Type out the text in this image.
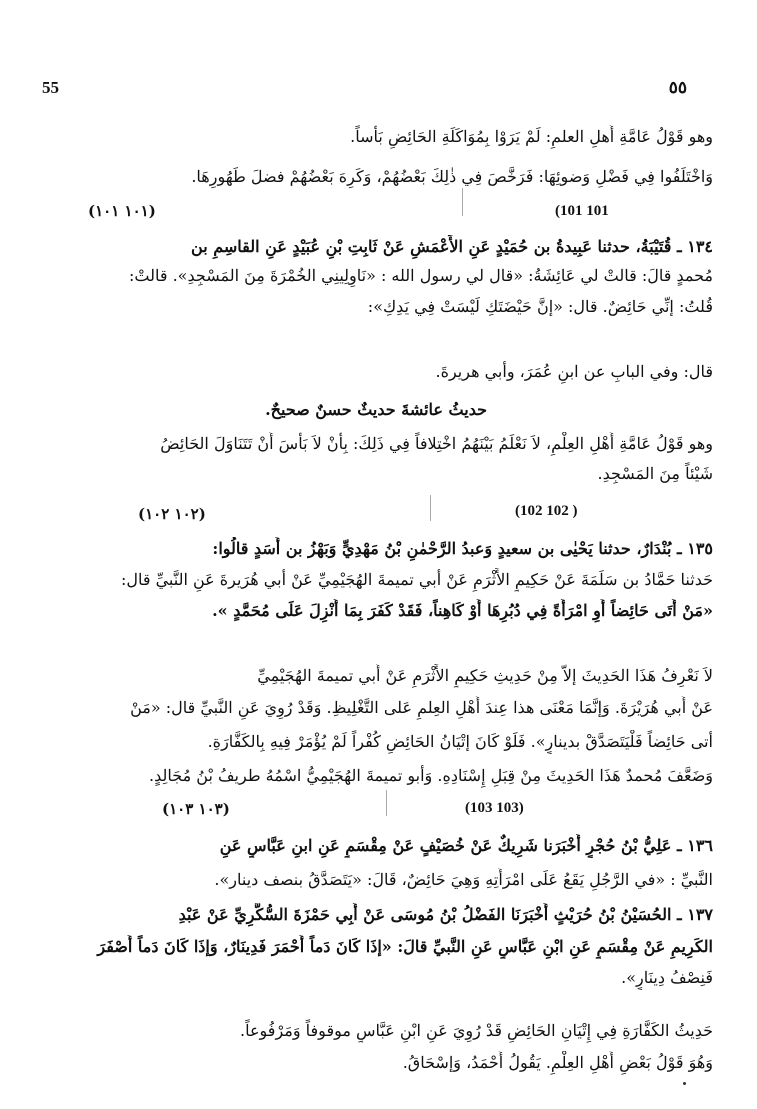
55	٥٥
وهو قَوْلُ عَامَّةِ أَهلِ العلمِ: لَمْ يَرَوْا بِمُوَاكَلَةِ الحَائِضِ بَأساً.
وَاخْتَلَفُوا فِي فَضْلِ وَضوئِهَا: فَرَخَّصَ فِي ذٰلِكَ بَعْضُهُمْ، وَكَرِهَ بَعْضُهُمْ فضلَ طَهُورِهَا.
(101 101
(١٠١ ١٠١)
١٣٤ ـ قُتَيْبَةُ، حدثنا عَبِيدةُ بن حُمَيْدٍ عَنِ الأَعْمَشِ عَنْ ثَابِتِ بْنِ عُبَيْدٍ عَنِ القاسِمِ بن
مُحمدٍ قالَ: قالتْ لي عَائِشَةُ: «قال لي رسول الله : «نَاوِلِينِي الخُمْرَةَ مِنَ المَسْجِدِ». قالتْ:
قُلتُ: إنِّي حَائِضٌ. قال: «إنَّ حَيْضَتَكِ لَيْسَتْ فِي يَدِكِ»:
قال: وفي البابِ عن ابنِ عُمَرَ، وأبي هريرةَ.
حديثُ عائشةَ حديثٌ حسنٌ صحيحٌ.
وهو قَوْلُ عَامَّةِ أَهْلِ العِلْمِ، لاَ نَعْلَمُ بَيْنَهُمُ اخْتِلافاً فِي ذَلِكَ: بِأَنْ لاَ بَأْسَ أَنْ تَتَنَاوَلَ الحَائِضُ
شَيْئاً مِنَ المَسْجِدِ.
(102 102 )
(١٠٢ ١٠٢)
١٣٥ ـ بُنْدَارٌ، حدثنا يَحْيٰى بن سعيدٍ وَعبدُ الرَّحْمٰنِ بْنُ مَهْدِيٍّ وَبَهْزُ بن أَسَدٍ قالُوا:
حَدثنا حَمَّادُ بن سَلَمَةَ عَنْ حَكِيمٍ الأَثْرَمِ عَنْ أبي تميمةَ الهُجَيْمِيِّ عَنْ أبي هُرَيرةَ عَنِ النَّبيِّ قال:
«مَنْ أَتَى حَائِضاً أَوِ امْرَأَةً فِي دُبُرِهَا أَوْ كَاهِناً، فَقَدْ كَفَرَ بِمَا أُنْزِلَ عَلَى مُحَمَّدٍ ».
لاَ نَعْرِفُ هَذَا الحَدِيثَ إلاّ مِنْ حَدِيثِ حَكِيمٍ الأَثْرَمِ عَنْ أَبي تميمةَ الهُجَيْمِيِّ
عَنْ أَبي هُرَيْرَةَ. وَإنَّمَا مَعْنَى هذا عِندَ أَهْلِ العِلمِ عَلى التَّغْلِيظِ. وَقَدْ رُوِيَ عَنِ النَّبيِّ قال: «مَنْ
أتى حَائِضاً فَلْيَتَصَدَّقْ بدينارٍ». فَلَوْ كَانَ إتْيَانُ الحَائِضِ كُفْراً لَمْ يُؤْمَرْ فِيهِ بِالكَفَّارَةِ.
وَضَعَّفَ مُحمدٌ هَذَا الحَدِيثَ مِنْ قِبَلِ إِسْنَادِهِ. وَأبو تميمةَ الهُجَيْمِيُّ اسْمُهُ طريفُ بْنُ مُجَالِدٍ.
(103 103)
(١٠٣ ١٠٣)
١٣٦ ـ عَلِيُّ بْنُ حُجْرٍ أَخْبَرَنا شَرِيكٌ عَنْ خُصَيْفٍ عَنْ مِقْسَمٍ عَنِ ابنِ عَبَّاسٍ عَنِ
النَّبيِّ : «في الرَّجُلِ يَقَعُ عَلَى امْرَأَتِهِ وَهِيَ حَائِضٌ، قَالَ: «يَتَصَدَّقُ بنصف دينار».
١٣٧ ـ الحُسَيْنُ بْنُ حُرَيْثٍ أَخْبَرَنَا الفَضْلُ بْنُ مُوسَى عَنْ أَبِي حَمْزَةَ السُّكَّرِيِّ عَنْ عَبْدِ
الكَرِيمِ عَنْ مِقْسَمٍ عَنِ ابْنِ عَبَّاسٍ عَنِ النَّبيِّ قالَ: «إذَا كَانَ دَماً أَحْمَرَ فَدِينَارٌ، وَإذَا كَانَ دَماً أَصْفَرَ
فَنِصْفُ دِينَارٍ».
حَدِيثُ الكَفَّارَةِ فِي إِتْيَانِ الحَائِضِ قَدْ رُوِيَ عَنِ ابْنِ عَبَّاسٍ موقوفاً وَمَرْفُوعاً.
وَهُوَ قَوْلُ بَعْضِ أَهْلِ العِلْمِ. يَقُولُ أَحْمَدُ، وَإسْحَاقُ.
